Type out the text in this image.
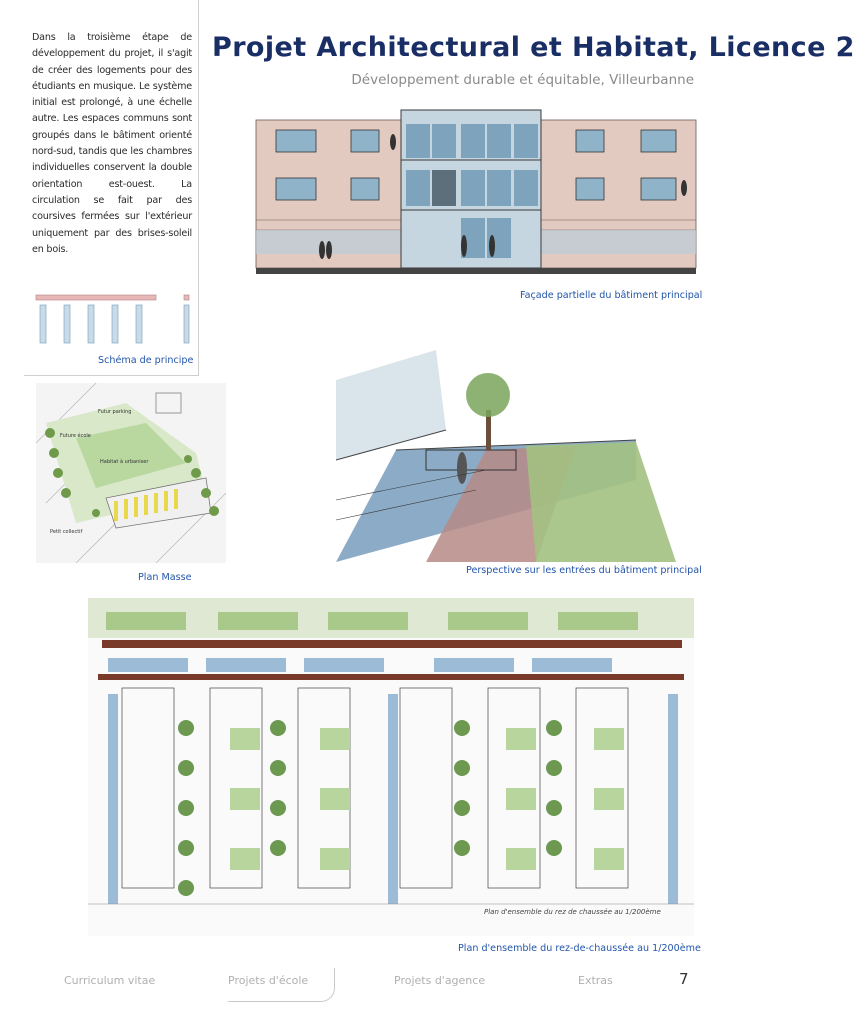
Dans la troisième étape de développement du projet, il s'agit de créer des logements pour des étudiants en musique. Le système initial est prolongé, à une échelle autre. Les espaces communs sont groupés dans le bâtiment orienté nord-sud, tandis que les chambres individuelles conservent la double orientation est-ouest. La circulation se fait par des coursives fermées sur l'extérieur uniquement par des brises-soleil en bois.

Projet Architectural et Habitat, Licence 2
Développement durable et équitable, Villeurbanne
Façade partielle du bâtiment principal
Schéma de principe
Futur parking
Future école
Habitat à urbaniser
Petit collectif
Plan Masse
Perspective sur les entrées du bâtiment principal
Plan d'ensemble du rez de chaussée au 1/200ème
Plan d'ensemble du rez-de-chaussée au 1/200ème
Curriculum vitae	Projets d'école	Projets d'agence	Extras	7
